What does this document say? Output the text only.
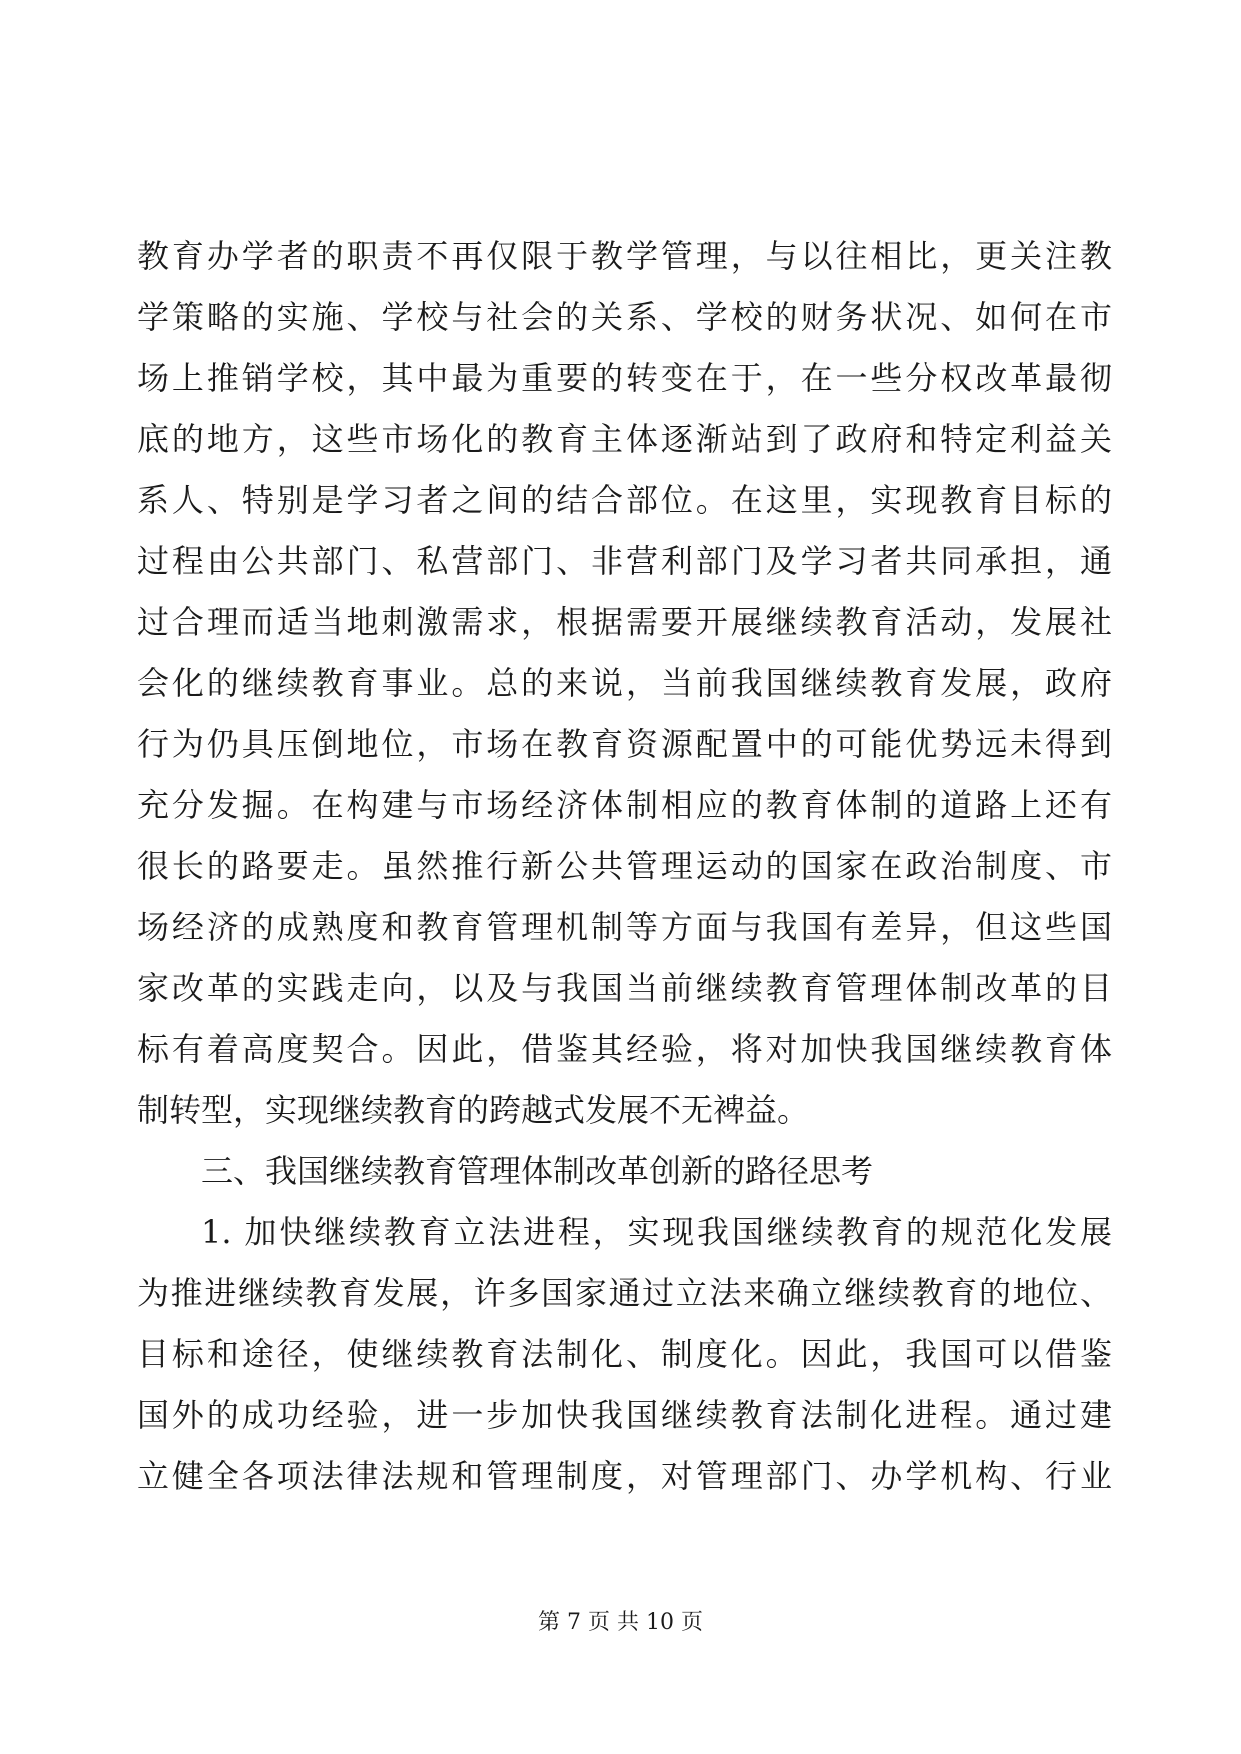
教育办学者的职责不再仅限于教学管理，与以往相比，更关注教
学策略的实施、学校与社会的关系、学校的财务状况、如何在市
场上推销学校，其中最为重要的转变在于，在一些分权改革最彻
底的地方，这些市场化的教育主体逐渐站到了政府和特定利益关
系人、特别是学习者之间的结合部位。在这里，实现教育目标的
过程由公共部门、私营部门、非营利部门及学习者共同承担，通
过合理而适当地刺激需求，根据需要开展继续教育活动，发展社
会化的继续教育事业。总的来说，当前我国继续教育发展，政府
行为仍具压倒地位，市场在教育资源配置中的可能优势远未得到
充分发掘。在构建与市场经济体制相应的教育体制的道路上还有
很长的路要走。虽然推行新公共管理运动的国家在政治制度、市
场经济的成熟度和教育管理机制等方面与我国有差异，但这些国
家改革的实践走向，以及与我国当前继续教育管理体制改革的目
标有着高度契合。因此，借鉴其经验，将对加快我国继续教育体
制转型，实现继续教育的跨越式发展不无裨益。
三、我国继续教育管理体制改革创新的路径思考
1. 加快继续教育立法进程，实现我国继续教育的规范化发展
为推进继续教育发展，许多国家通过立法来确立继续教育的地位、
目标和途径，使继续教育法制化、制度化。因此，我国可以借鉴
国外的成功经验，进一步加快我国继续教育法制化进程。通过建
立健全各项法律法规和管理制度，对管理部门、办学机构、行业
第 7 页 共 10 页
